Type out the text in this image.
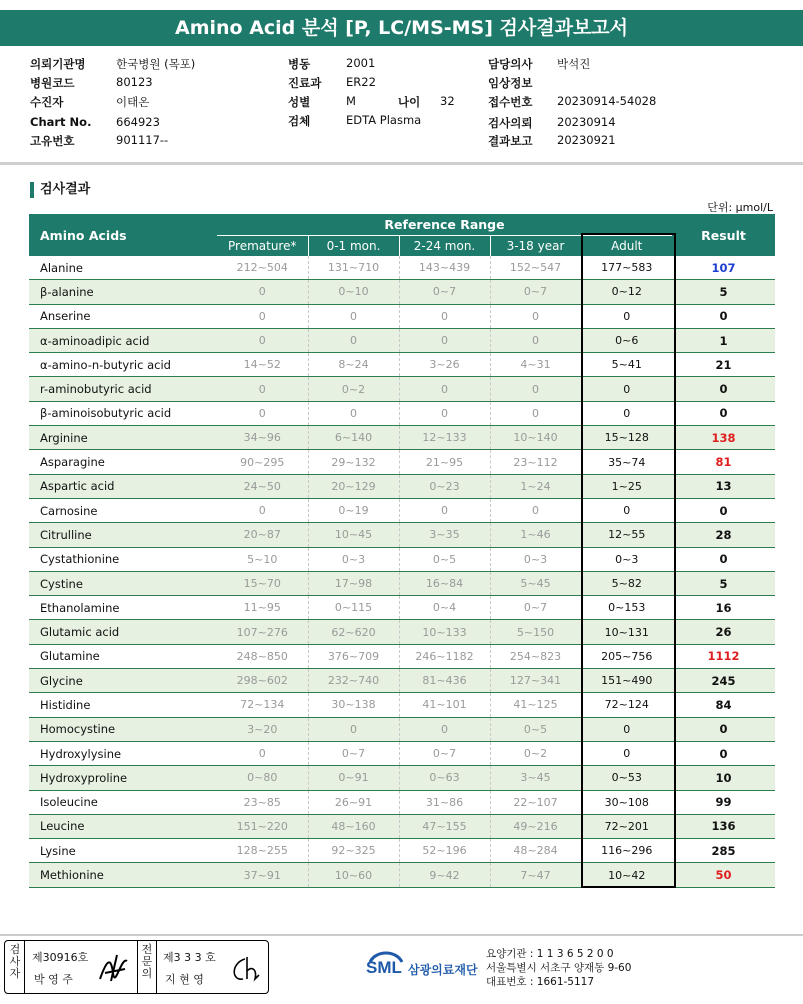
Amino Acid 분석 [P, LC/MS-MS] 검사결과보고서
의뢰기관명	한국병원 (목포)
병원코드	80123
수진자	이태온
Chart No. 664923
고유번호	901117--
병동	2001
진료과 ER22
성별	M
검체	EDTA Plasma
담당의사 박석진
임상정보
접수번호 20230914-54028
검사의뢰 20230914
결과보고 20230921
나이 32
검사결과
단위: μmol/L
Amino Acids	Reference Range					Result
	Premature*	0-1 mon.	2-24 mon.	3-18 year	Adult	
Alanine	212~504	131~710	143~439	152~547	177~583	107
β-alanine	0	0~10	0~7	0~7	0~12	5
Anserine	0	0	0	0	0	0
α-aminoadipic acid	0	0	0	0	0~6	1
α-amino-n-butyric acid	14~52	8~24	3~26	4~31	5~41	21
r-aminobutyric acid	0	0~2	0	0	0	0
β-aminoisobutyric acid	0	0	0	0	0	0
Arginine	34~96	6~140	12~133	10~140	15~128	138
Asparagine	90~295	29~132	21~95	23~112	35~74	81
Aspartic acid	24~50	20~129	0~23	1~24	1~25	13
Carnosine	0	0~19	0	0	0	0
Citrulline	20~87	10~45	3~35	1~46	12~55	28
Cystathionine	5~10	0~3	0~5	0~3	0~3	0
Cystine	15~70	17~98	16~84	5~45	5~82	5
Ethanolamine	11~95	0~115	0~4	0~7	0~153	16
Glutamic acid	107~276	62~620	10~133	5~150	10~131	26
Glutamine	248~850	376~709	246~1182	254~823	205~756	1112
Glycine	298~602	232~740	81~436	127~341	151~490	245
Histidine	72~134	30~138	41~101	41~125	72~124	84
Homocystine	3~20	0	0	0~5	0	0
Hydroxylysine	0	0~7	0~7	0~2	0	0
Hydroxyproline	0~80	0~91	0~63	3~45	0~53	10
Isoleucine	23~85	26~91	31~86	22~107	30~108	99
Leucine	151~220	48~160	47~155	49~216	72~201	136
Lysine	128~255	92~325	52~196	48~284	116~296	285
Methionine	37~91	10~60	9~42	7~47	10~42	50
검사자
제30916호
박 영 주
전문의
제3 3 3 호
지 현 영
SML 삼광의료재단
요양기관 : 1 1 3 6 5 2 0 0
서울특별시 서초구 양재동 9-60
대표번호 : 1661-5117
